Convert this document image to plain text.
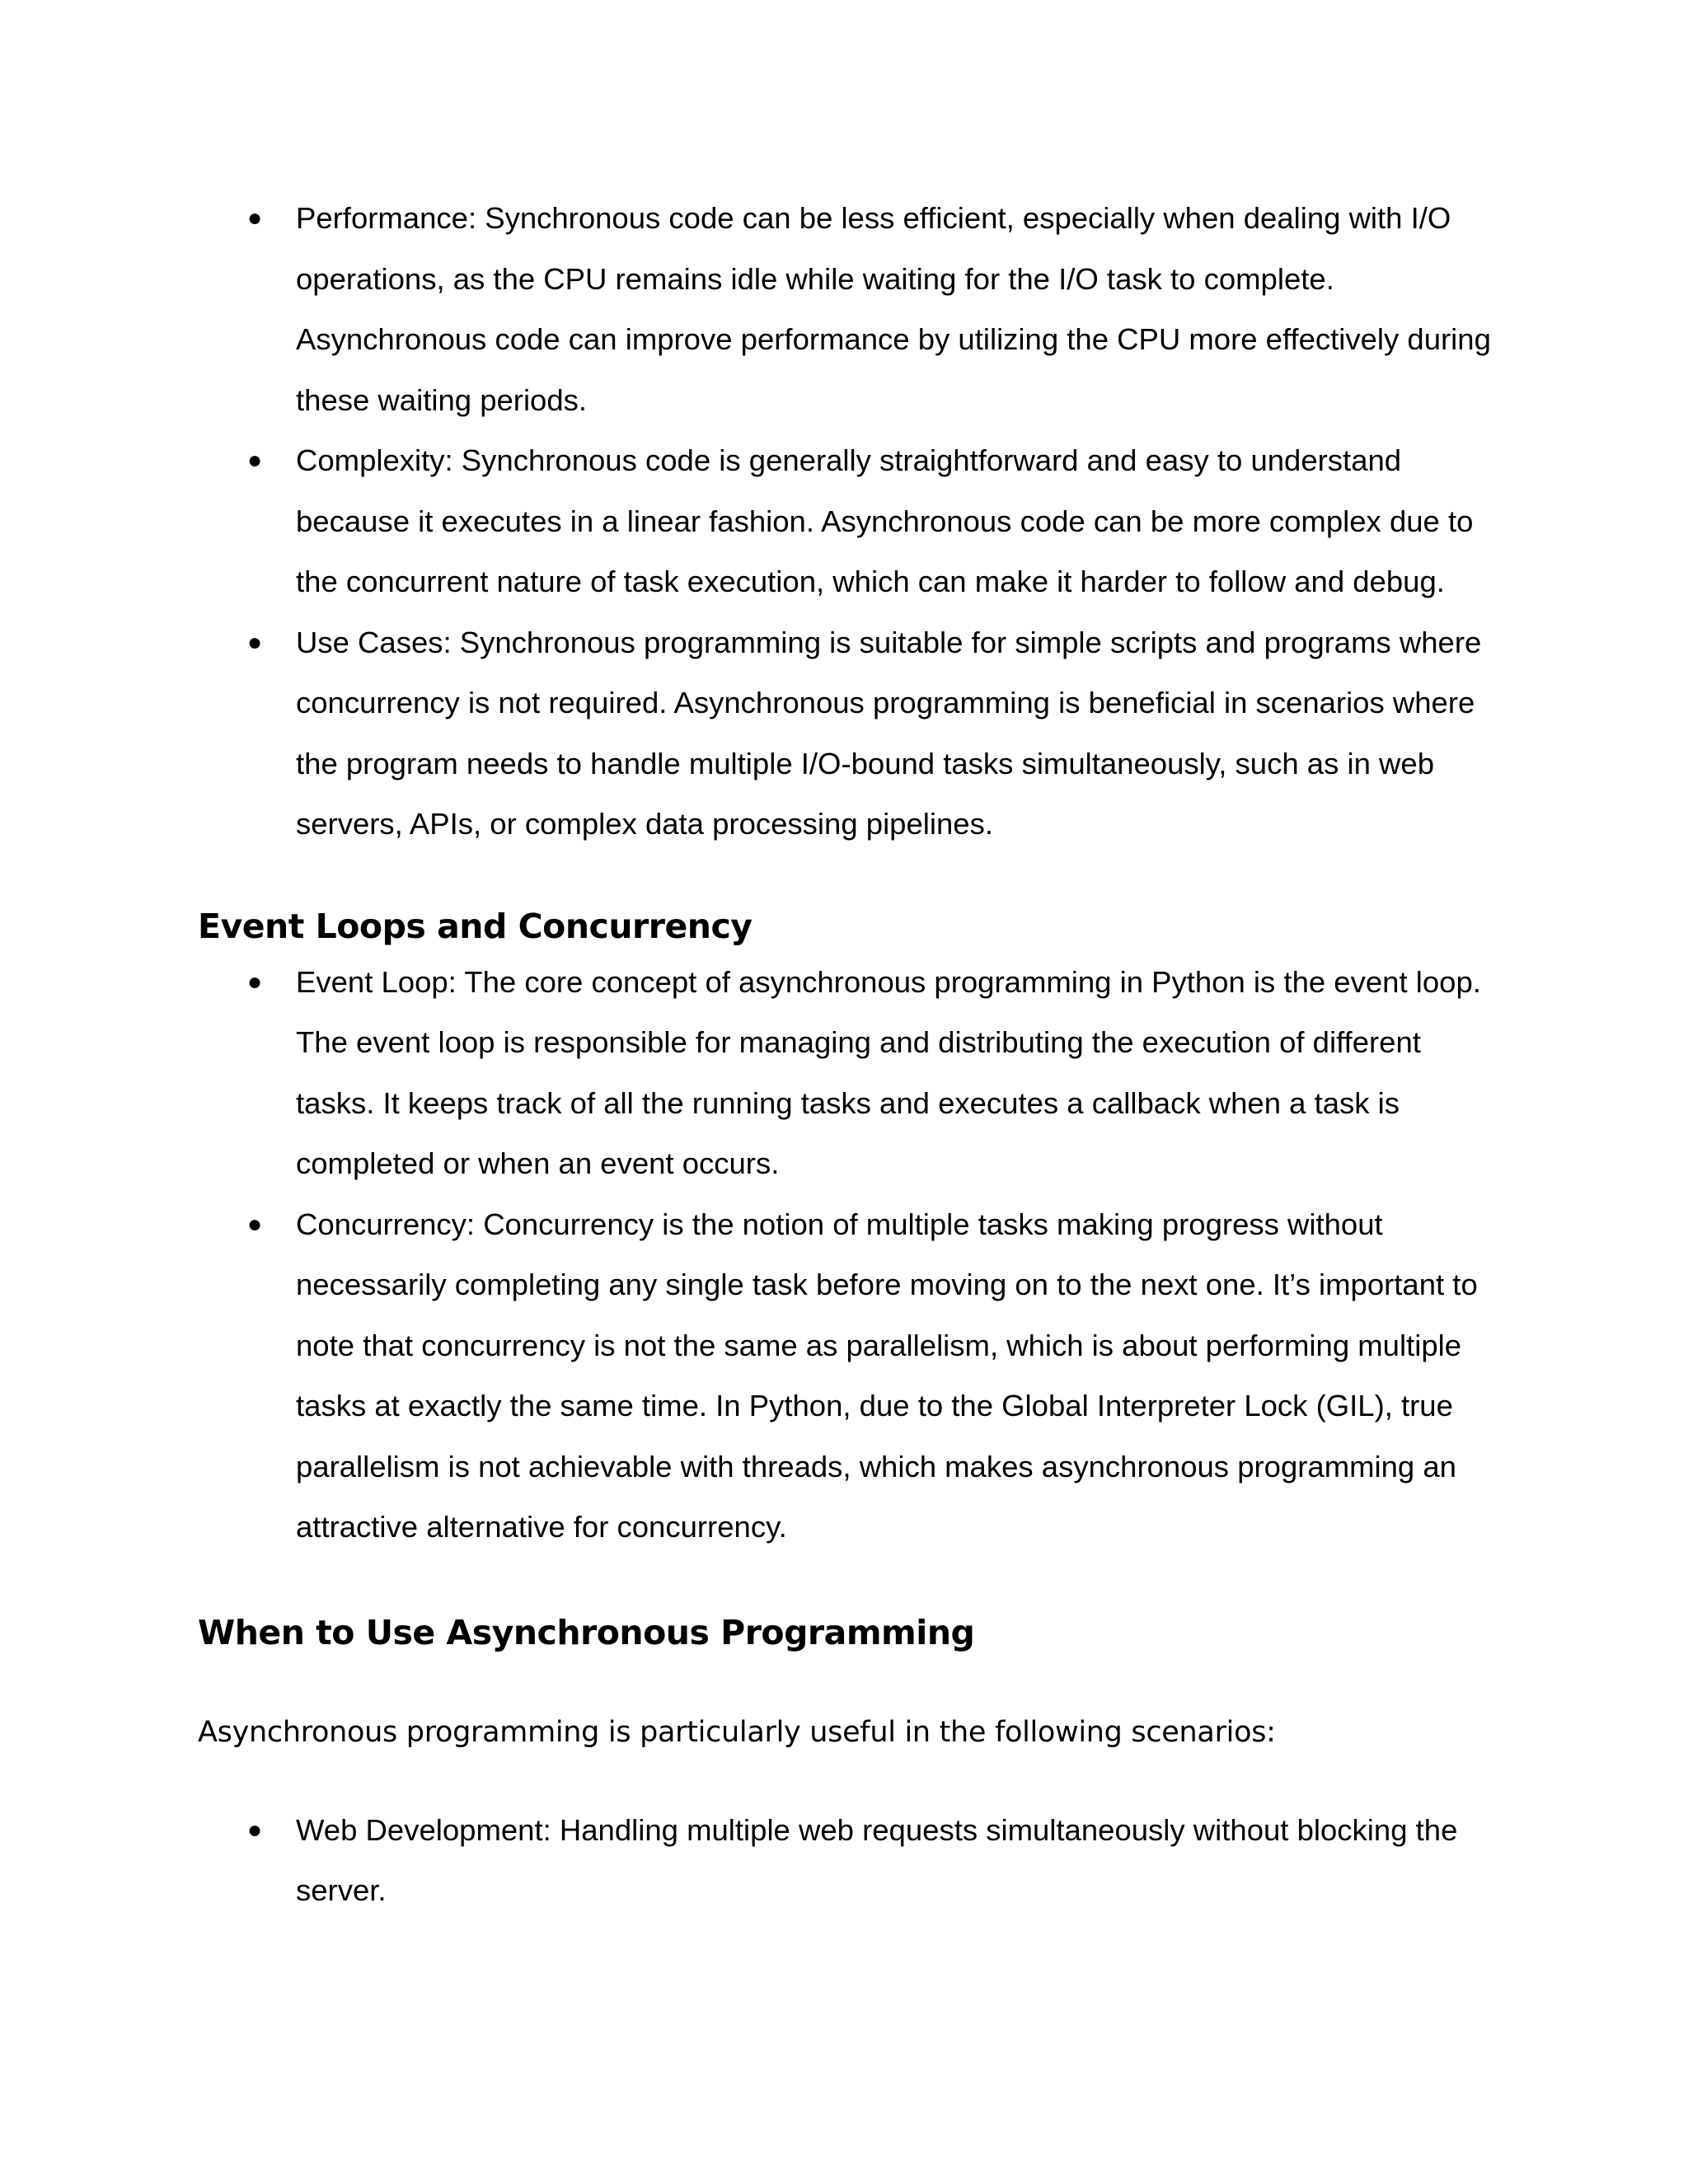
●	Performance: Synchronous code can be less efficient, especially when dealing with I/O operations, as the CPU remains idle while waiting for the I/O task to complete. Asynchronous code can improve performance by utilizing the CPU more effectively during these waiting periods.
●	Complexity: Synchronous code is generally straightforward and easy to understand because it executes in a linear fashion. Asynchronous code can be more complex due to the concurrent nature of task execution, which can make it harder to follow and debug.
●	Use Cases: Synchronous programming is suitable for simple scripts and programs where concurrency is not required. Asynchronous programming is beneficial in scenarios where the program needs to handle multiple I/O-bound tasks simultaneously, such as in web servers, APIs, or complex data processing pipelines.
Event Loops and Concurrency
●	Event Loop: The core concept of asynchronous programming in Python is the event loop. The event loop is responsible for managing and distributing the execution of different tasks. It keeps track of all the running tasks and executes a callback when a task is completed or when an event occurs.
●	Concurrency: Concurrency is the notion of multiple tasks making progress without necessarily completing any single task before moving on to the next one. It’s important to note that concurrency is not the same as parallelism, which is about performing multiple tasks at exactly the same time. In Python, due to the Global Interpreter Lock (GIL), true parallelism is not achievable with threads, which makes asynchronous programming an attractive alternative for concurrency.
When to Use Asynchronous Programming

Asynchronous programming is particularly useful in the following scenarios:

●	Web Development: Handling multiple web requests simultaneously without blocking the server.
